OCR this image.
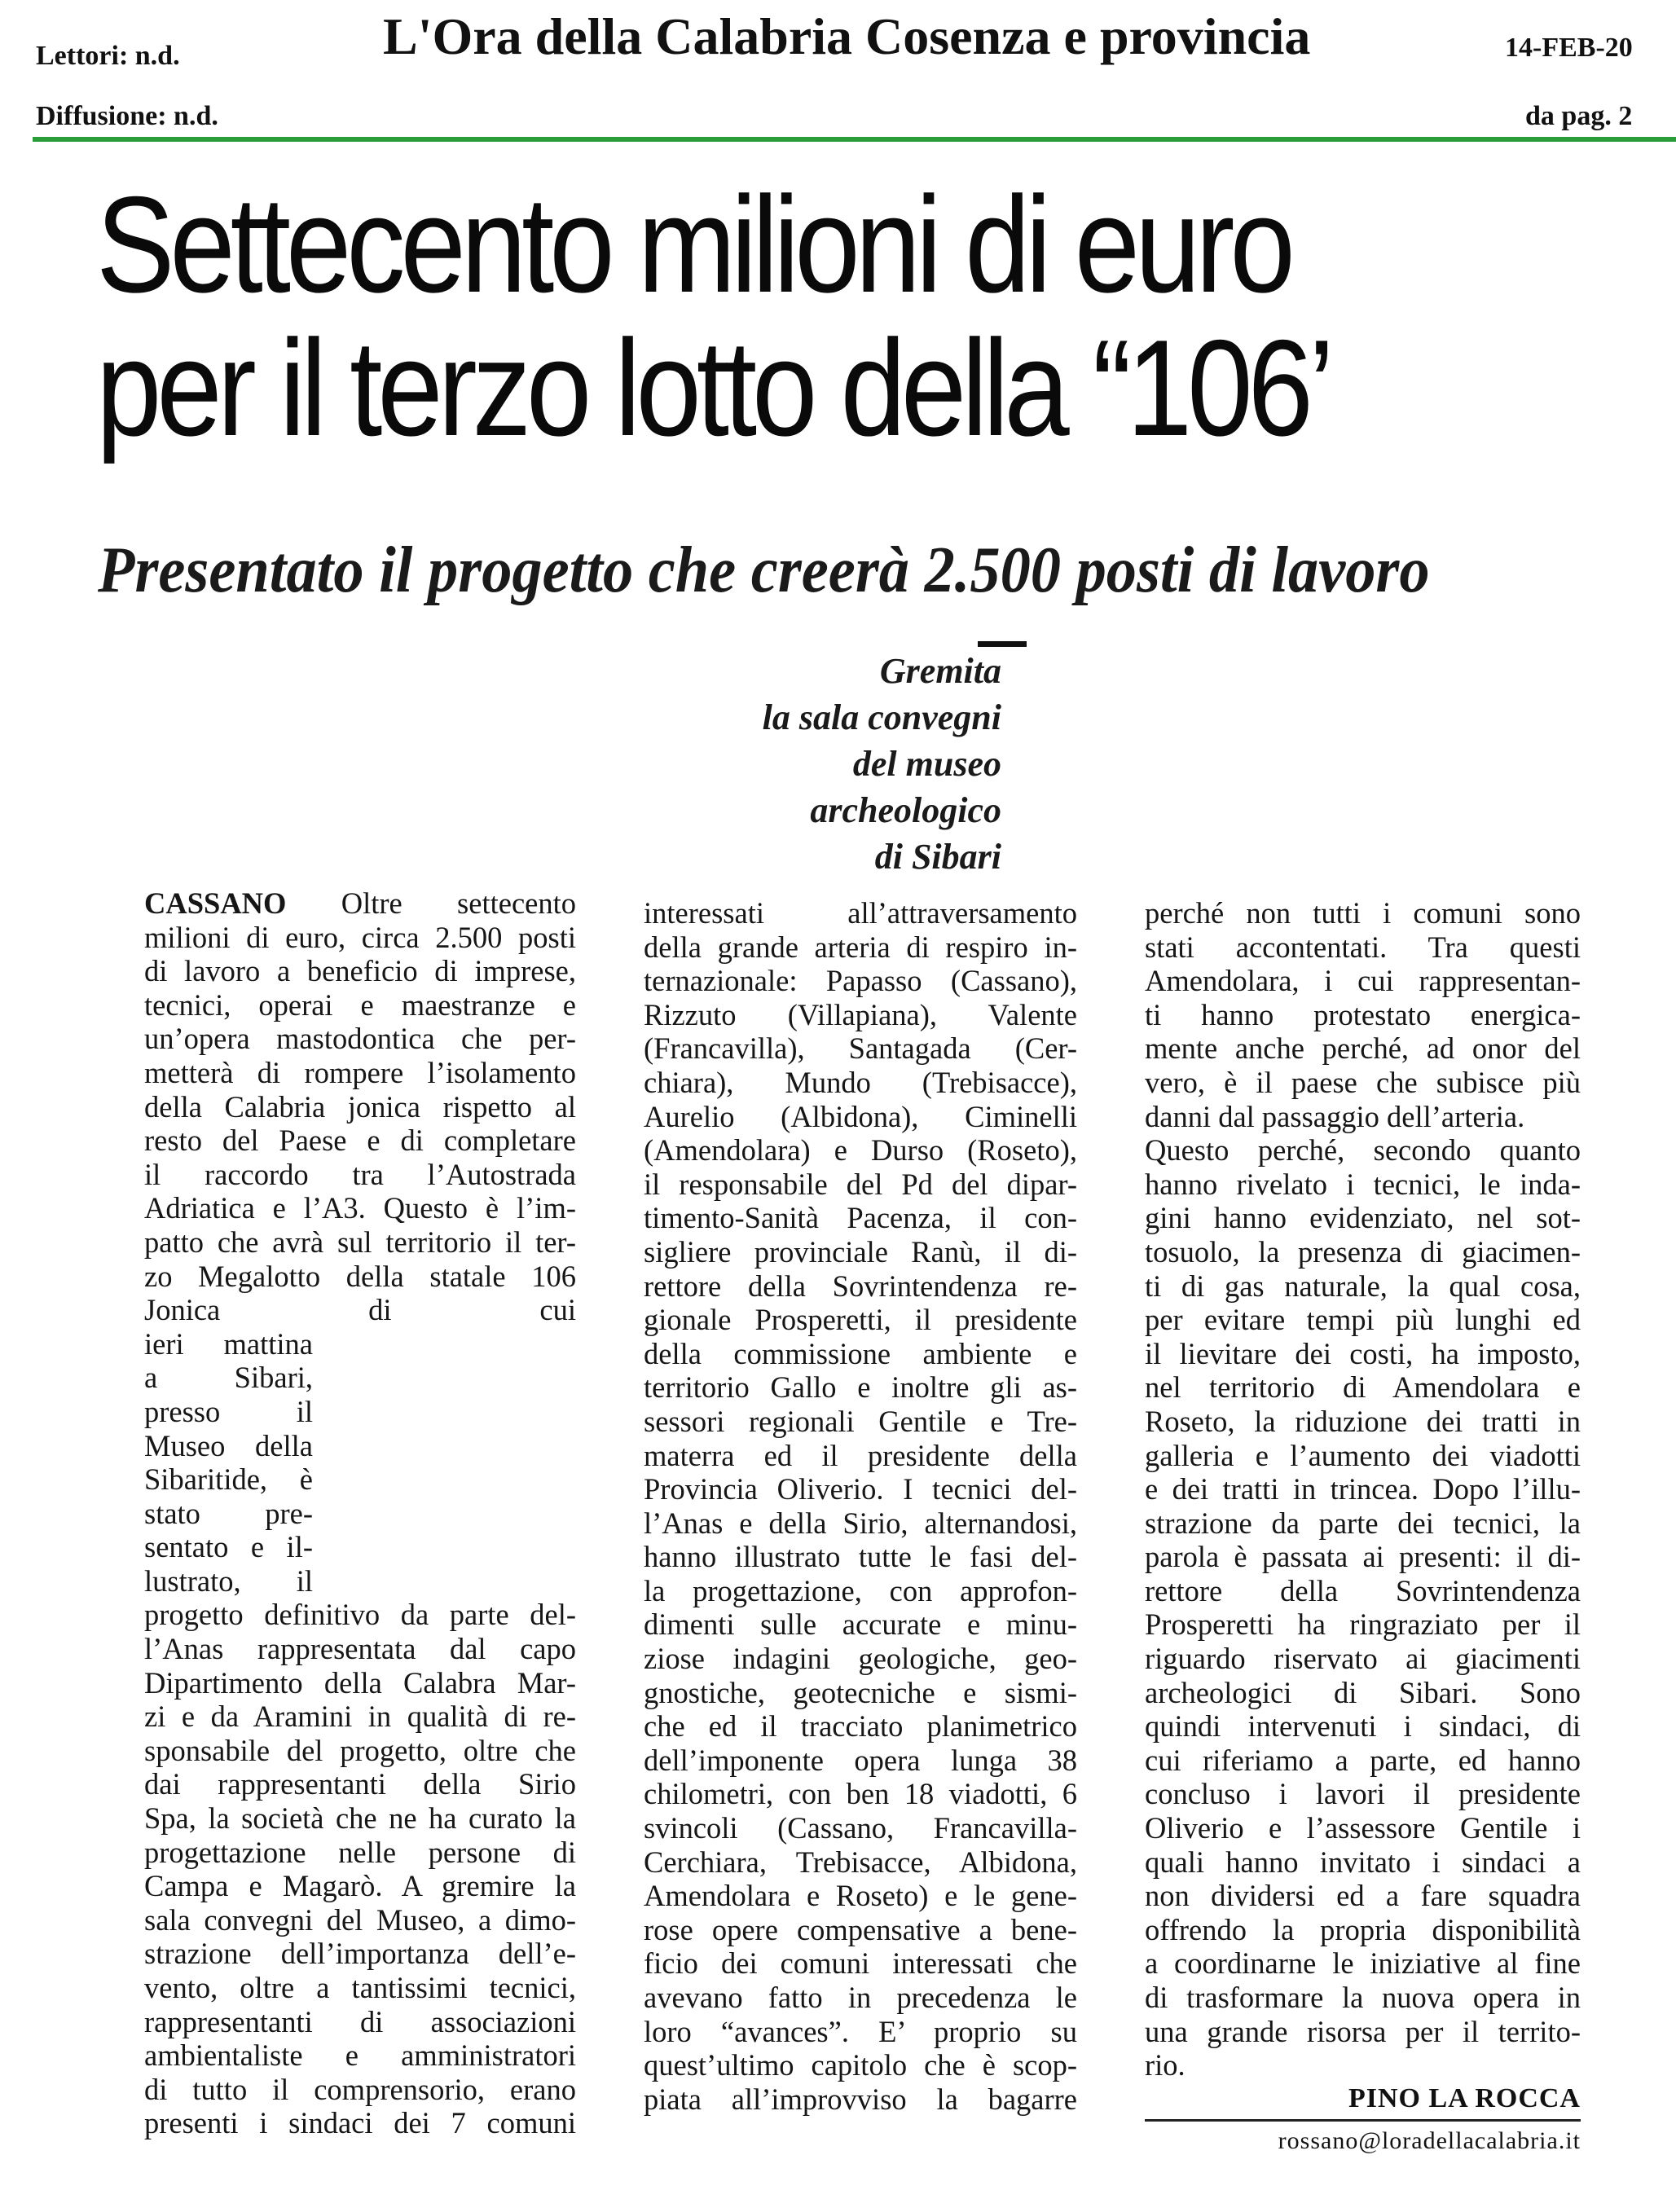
Lettori: n.d.
Diffusione: n.d.
L'Ora della Calabria Cosenza e provincia	14-FEB-20
da pag. 2
Settecento milioni di euro
per il terzo lotto della “106’
Presentato il progetto che creerà 2.500 posti di lavoro
Gremita
la sala convegni
del museo
archeologico
di Sibari
CASSANO Oltre settecento
milioni di euro, circa 2.500 posti
di lavoro a beneficio di imprese,
tecnici, operai e maestranze e
un’opera mastodontica che per-
metterà di rompere l’isolamento
della Calabria jonica rispetto al
resto del Paese e di completare
il raccordo tra l’Autostrada
Adriatica e l’A3. Questo è l’im-
patto che avrà sul territorio il ter-
zo Megalotto della statale 106
Jonica di cui
ieri mattina
a Sibari,
presso il
Museo della
Sibaritide, è
stato pre-
sentato e il-
lustrato, il
progetto definitivo da parte del-
l’Anas rappresentata dal capo
Dipartimento della Calabra Mar-
zi e da Aramini in qualità di re-
sponsabile del progetto, oltre che
dai rappresentanti della Sirio
Spa, la società che ne ha curato la
progettazione nelle persone di
Campa e Magarò. A gremire la
sala convegni del Museo, a dimo-
strazione dell’importanza dell’e-
vento, oltre a tantissimi tecnici,
rappresentanti di associazioni
ambientaliste e amministratori
di tutto il comprensorio, erano
presenti i sindaci dei 7 comuni
interessati all’attraversamento
della grande arteria di respiro in-
ternazionale: Papasso (Cassano),
Rizzuto (Villapiana), Valente
(Francavilla), Santagada (Cer-
chiara), Mundo (Trebisacce),
Aurelio (Albidona), Ciminelli
(Amendolara) e Durso (Roseto),
il responsabile del Pd del dipar-
timento-Sanità Pacenza, il con-
sigliere provinciale Ranù, il di-
rettore della Sovrintendenza re-
gionale Prosperetti, il presidente
della commissione ambiente e
territorio Gallo e inoltre gli as-
sessori regionali Gentile e Tre-
materra ed il presidente della
Provincia Oliverio. I tecnici del-
l’Anas e della Sirio, alternandosi,
hanno illustrato tutte le fasi del-
la progettazione, con approfon-
dimenti sulle accurate e minu-
ziose indagini geologiche, geo-
gnostiche, geotecniche e sismi-
che ed il tracciato planimetrico
dell’imponente opera lunga 38
chilometri, con ben 18 viadotti, 6
svincoli (Cassano, Francavilla-
Cerchiara, Trebisacce, Albidona,
Amendolara e Roseto) e le gene-
rose opere compensative a bene-
ficio dei comuni interessati che
avevano fatto in precedenza le
loro “avances”. E’ proprio su
quest’ultimo capitolo che è scop-
piata all’improvviso la bagarre
perché non tutti i comuni sono
stati accontentati. Tra questi
Amendolara, i cui rappresentan-
ti hanno protestato energica-
mente anche perché, ad onor del
vero, è il paese che subisce più
danni dal passaggio dell’arteria.
Questo perché, secondo quanto
hanno rivelato i tecnici, le inda-
gini hanno evidenziato, nel sot-
tosuolo, la presenza di giacimen-
ti di gas naturale, la qual cosa,
per evitare tempi più lunghi ed
il lievitare dei costi, ha imposto,
nel territorio di Amendolara e
Roseto, la riduzione dei tratti in
galleria e l’aumento dei viadotti
e dei tratti in trincea. Dopo l’illu-
strazione da parte dei tecnici, la
parola è passata ai presenti: il di-
rettore della Sovrintendenza
Prosperetti ha ringraziato per il
riguardo riservato ai giacimenti
archeologici di Sibari. Sono
quindi intervenuti i sindaci, di
cui riferiamo a parte, ed hanno
concluso i lavori il presidente
Oliverio e l’assessore Gentile i
quali hanno invitato i sindaci a
non dividersi ed a fare squadra
offrendo la propria disponibilità
a coordinarne le iniziative al fine
di trasformare la nuova opera in
una grande risorsa per il territo-
rio.
PINO LA ROCCA
rossano@loradellacalabria.it
